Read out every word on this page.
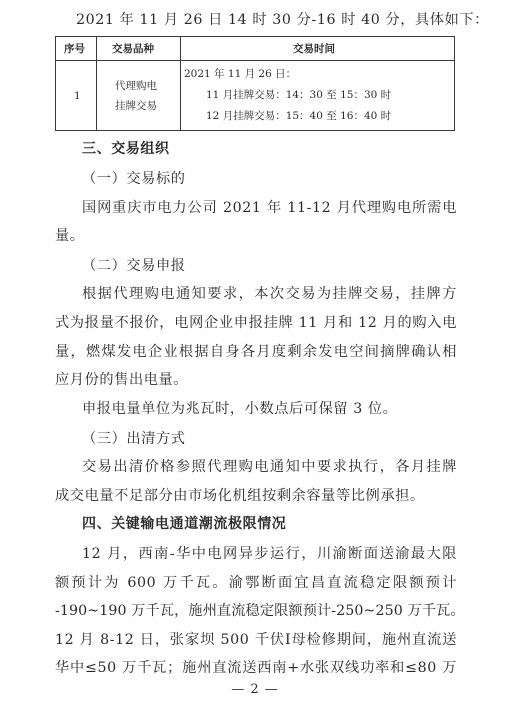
2021 年 11 月 26 日 14 时 30 分-16 时 40 分，具体如下：
序号	交易品种	交易时间
1
代理购电
挂牌交易
2021 年 11 月 26 日：
11 月挂牌交易：14：30 至 15：30 时
12 月挂牌交易：15：40 至 16：40 时
三、交易组织
（一）交易标的
国网重庆市电力公司 2021 年 11-12 月代理购电所需电
量。
（二）交易申报
根据代理购电通知要求，本次交易为挂牌交易，挂牌方
式为报量不报价，电网企业申报挂牌 11 月和 12 月的购入电
量，燃煤发电企业根据自身各月度剩余发电空间摘牌确认相
应月份的售出电量。
申报电量单位为兆瓦时，小数点后可保留 3 位。
（三）出清方式
交易出清价格参照代理购电通知中要求执行，各月挂牌
成交电量不足部分由市场化机组按剩余容量等比例承担。
四、关键输电通道潮流极限情况
12 月，西南-华中电网异步运行，川渝断面送渝最大限
额预计为 600 万千瓦。渝鄂断面宜昌直流稳定限额预计
-190~190 万千瓦，施州直流稳定限额预计-250~250 万千瓦。
12 月 8-12 日，张家坝 500 千伏Ⅰ母检修期间，施州直流送
华中≤50 万千瓦；施州直流送西南+水张双线功率和≤80 万
— 2 —
